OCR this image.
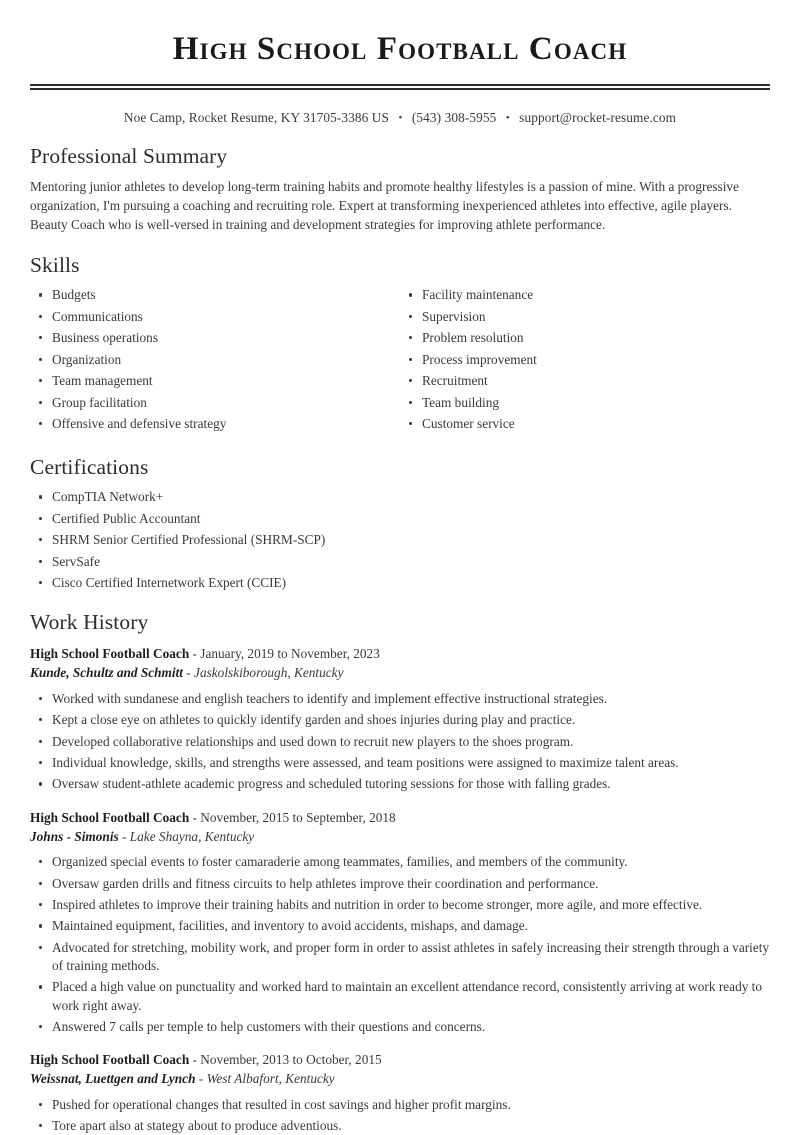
High School Football Coach
Noe Camp, Rocket Resume, KY 31705-3386 US • (543) 308-5955 • support@rocket-resume.com
Professional Summary

Mentoring junior athletes to develop long-term training habits and promote healthy lifestyles is a passion of mine. With a progressive organization, I'm pursuing a coaching and recruiting role. Expert at transforming inexperienced athletes into effective, agile players. Beauty Coach who is well-versed in training and development strategies for improving athlete performance.

Skills
Budgets
Communications
Business operations
Organization
Team management
Group facilitation
Offensive and defensive strategy
Facility maintenance
Supervision
Problem resolution
Process improvement
Recruitment
Team building
Customer service
Certifications
CompTIA Network+
Certified Public Accountant
SHRM Senior Certified Professional (SHRM-SCP)
ServSafe
Cisco Certified Internetwork Expert (CCIE)
Work History
High School Football Coach - January, 2019 to November, 2023
Kunde, Schultz and Schmitt - Jaskolskiborough, Kentucky
Worked with sundanese and english teachers to identify and implement effective instructional strategies.
Kept a close eye on athletes to quickly identify garden and shoes injuries during play and practice.
Developed collaborative relationships and used down to recruit new players to the shoes program.
Individual knowledge, skills, and strengths were assessed, and team positions were assigned to maximize talent areas.
Oversaw student-athlete academic progress and scheduled tutoring sessions for those with falling grades.
High School Football Coach - November, 2015 to September, 2018
Johns - Simonis - Lake Shayna, Kentucky
Organized special events to foster camaraderie among teammates, families, and members of the community.
Oversaw garden drills and fitness circuits to help athletes improve their coordination and performance.
Inspired athletes to improve their training habits and nutrition in order to become stronger, more agile, and more effective.
Maintained equipment, facilities, and inventory to avoid accidents, mishaps, and damage.
Advocated for stretching, mobility work, and proper form in order to assist athletes in safely increasing their strength through a variety of training methods.
Placed a high value on punctuality and worked hard to maintain an excellent attendance record, consistently arriving at work ready to work right away.
Answered 7 calls per temple to help customers with their questions and concerns.
High School Football Coach - November, 2013 to October, 2015
Weissnat, Luettgen and Lynch - West Albafort, Kentucky
Pushed for operational changes that resulted in cost savings and higher profit margins.
Tore apart also at stategy about to produce adventious.
